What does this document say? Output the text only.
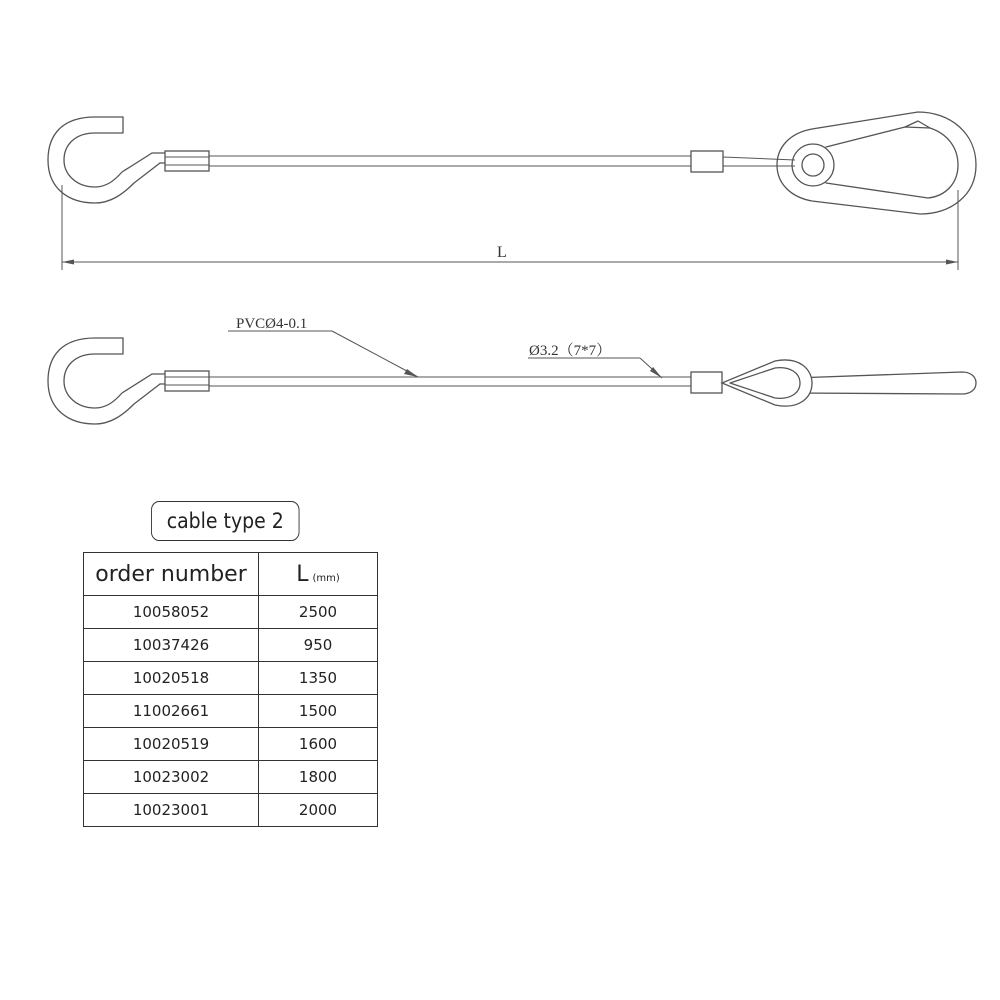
L
PVCØ4-0.1
Ø3.2（7*7）
cable type 2
order number	L (mm)
10058052	2500
10037426	950
10020518	1350
11002661	1500
10020519	1600
10023002	1800
10023001	2000
